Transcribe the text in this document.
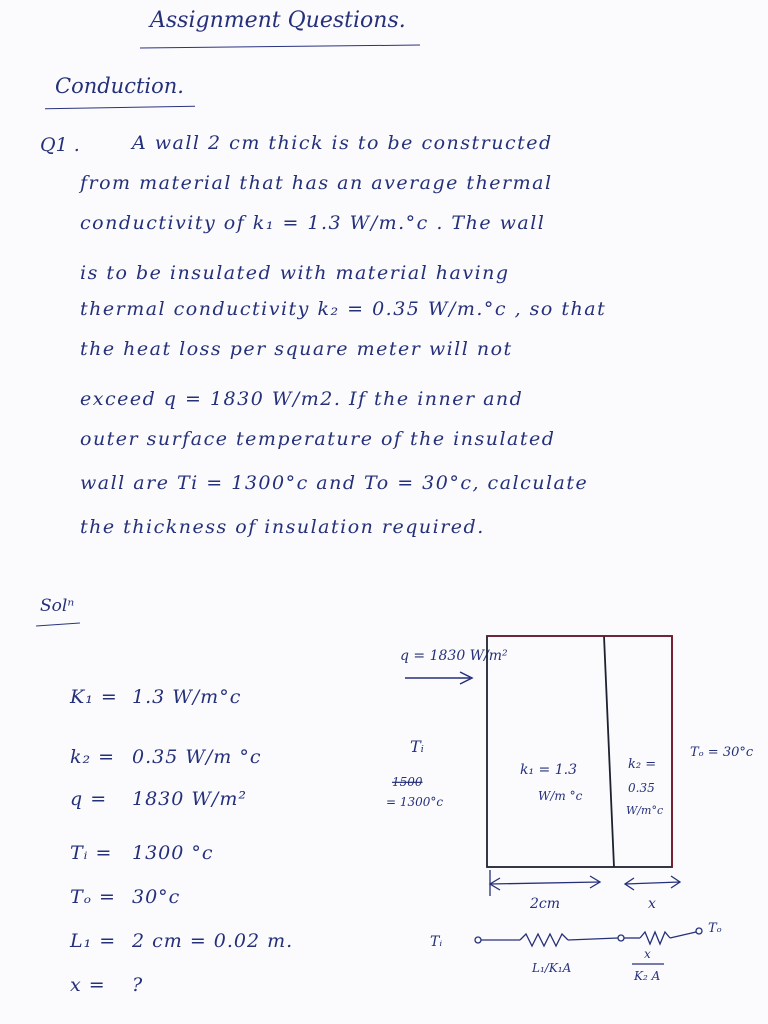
Assignment Questions.
Conduction.
Q1 .	A wall 2 cm thick is to be constructed
from material that has an average thermal
conductivity of k₁ = 1.3 W/m.°c . The wall
is to be insulated with material having
thermal conductivity k₂ = 0.35 W/m.°c , so that
the heat loss per square meter will not
exceed q = 1830 W/m2. If the inner and
outer surface temperature of the insulated
wall are Ti = 1300°c and To = 30°c, calculate
the thickness of insulation required.
Solⁿ
K₁ = 1.3 W/m°c
k₂ = 0.35 W/m °c
q = 1830 W/m²
Tᵢ = 1300 °c
Tₒ = 30°c
L₁ = 2 cm = 0.02 m.
x = ?
q = 1830 W/m²
Tᵢ
1500
= 1300°c
k₁ = 1.3
W/m °c
k₂ =
0.35
W/m°c
Tₒ = 30°c
2cm	x
Tᵢ
Tₒ
L₁/K₁A
x
K₂ A
